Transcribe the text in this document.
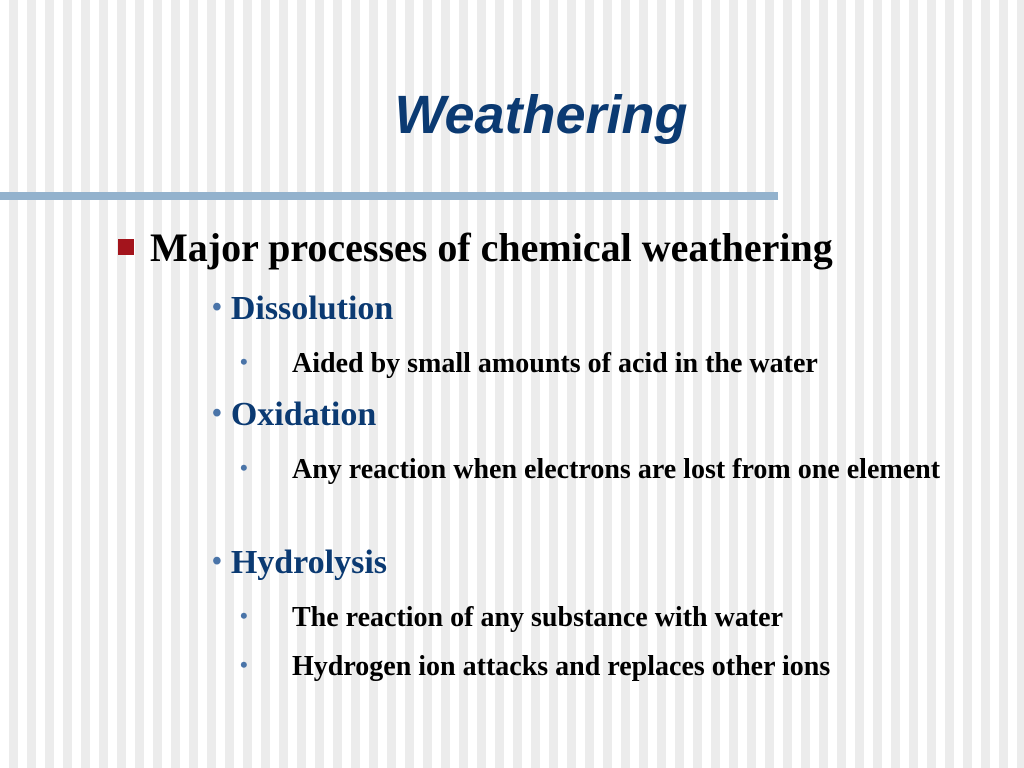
Weathering
Major processes of chemical weathering
• Dissolution
• Aided by small amounts of acid in the water
• Oxidation
• Any reaction when electrons are lost from one element
• Hydrolysis
• The reaction of any substance with water
• Hydrogen ion attacks and replaces other ions
